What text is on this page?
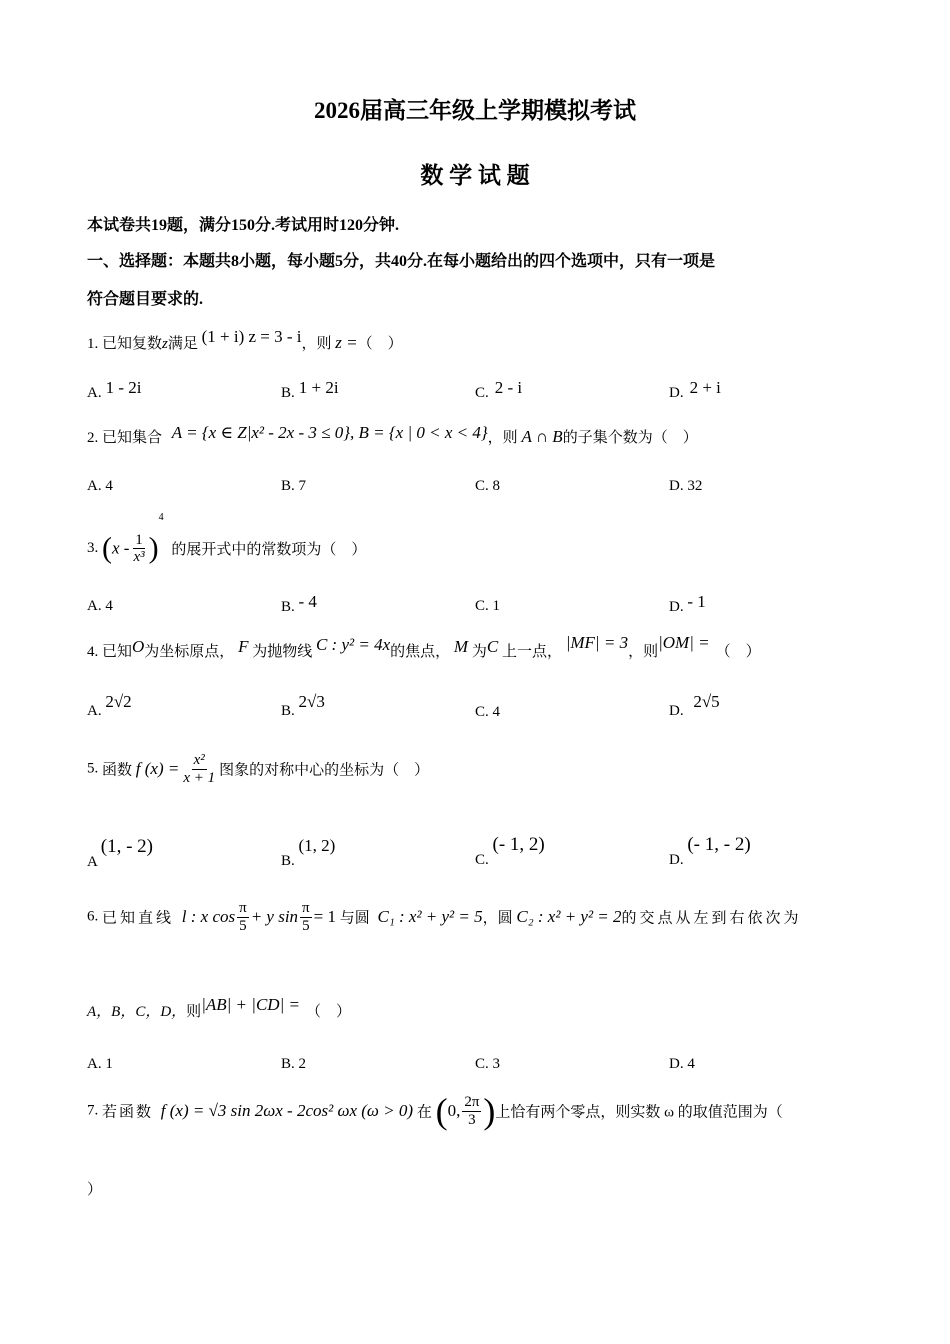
2026届高三年级上学期模拟考试
数 学 试 题
本试卷共19题，满分150分.考试用时120分钟.
一、选择题：本题共8小题，每小题5分，共40分.在每小题给出的四个选项中，只有一项是
符合题目要求的.
1. 已知复数z满足 (1 + i) z = 3 - i，则 z =（　）
A. 1 - 2i	B. 1 + 2i	C. 2 - i	D. 2 + i
2. 已知集合 A = {x ∈ Z|x² - 2x - 3 ≤ 0}, B = {x | 0 < x < 4}，则 A ∩ B的子集个数为（　）
A. 4	B. 7	C. 8	D. 32
3. $(x - \frac{1}{\text{x³}} )^4$ 的展开式中的常数项为（　）
A. 4	B. - 4	C. 1	D. - 1
4. 已知O为坐标原点， F 为抛物线 C : y² = 4x的焦点， M 为C 上一点， |MF| = 3，则|OM| = （　）
A. 2√2	B. 2√3
C. 4	D. 2√5
5. 函数 f $(x) = \frac{\text{x²}}{x + 1}$ 图象的对称中心的坐标为（　）
A (1, - 2)
B. (1, 2)
C. (- 1, 2)
D. (- 1, - 2)
6. 已知直线 l : x $\cos \frac{\pi}{5} + y$ $\sin \frac{\pi}{5} = 1$ 与圆 C₁ : x² + y² = 5，圆 C₂ : x² + y² = 2的交点从左到右依次为
A，B，C，D，则|AB| + |CD| = （　）
A. 1	B. 2	C. 3	D. 4
7. 若函数 f (x) = √3 sin 2ωx - 2cos² ωx (ω > 0) 在 (0, $\frac{2\pi}{3}$ )上恰有两个零点，则实数 ω 的取值范围为（
）
